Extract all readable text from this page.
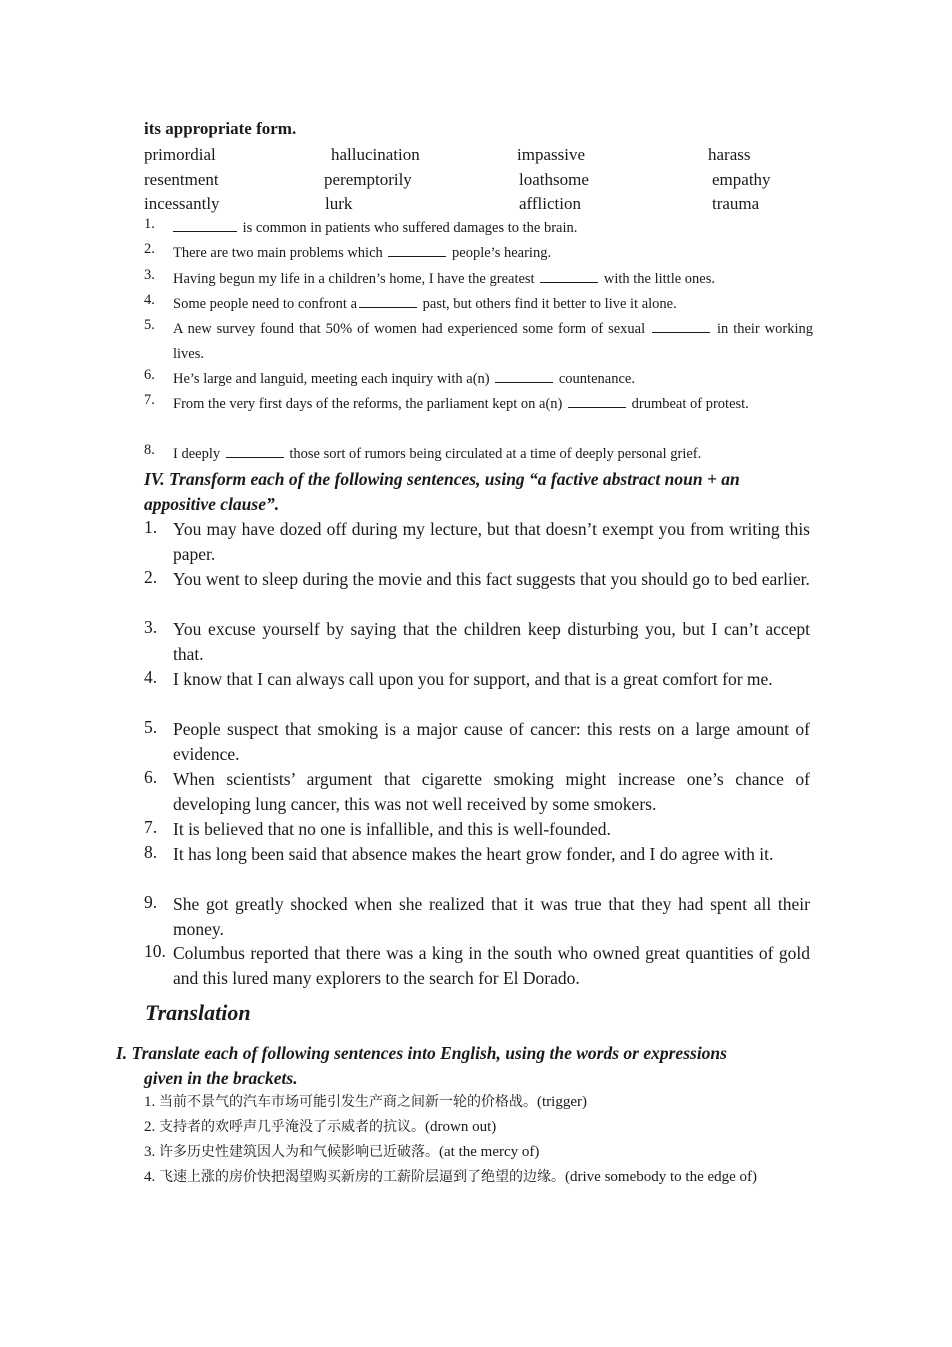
its appropriate form.
primordial	hallucination	impassive	harass
resentment	peremptorily	loathsome	empathy
incessantly	lurk	affliction	trauma
1.	is common in patients who suffered damages to the brain.
2. There are two main problems which	people’s hearing.
3. Having begun my life in a children’s home, I have the greatest	with the little ones.
4. Some people need to confront a	past, but others find it better to live it alone.
5. A new survey found that 50% of women had experienced some form of sexual	in their working lives.
6. He’s large and languid, meeting each inquiry with a(n)	countenance.
7. From the very first days of the reforms, the parliament kept on a(n)	drumbeat of protest.
8. I deeply	those sort of rumors being circulated at a time of deeply personal grief.
IV. Transform each of the following sentences, using “a factive abstract noun + an
appositive clause”.
1. You may have dozed off during my lecture, but that doesn’t exempt you from writing this paper.
2. You went to sleep during the movie and this fact suggests that you should go to bed earlier.
3. You excuse yourself by saying that the children keep disturbing you, but I can’t accept that.
4. I know that I can always call upon you for support, and that is a great comfort for me.
5. People suspect that smoking is a major cause of cancer: this rests on a large amount of evidence.
6. When scientists’ argument that cigarette smoking might increase one’s chance of developing lung cancer, this was not well received by some smokers.
7. It is believed that no one is infallible, and this is well-founded.
8. It has long been said that absence makes the heart grow fonder, and I do agree with it.
9. She got greatly shocked when she realized that it was true that they had spent all their money.
10. Columbus reported that there was a king in the south who owned great quantities of gold and this lured many explorers to the search for El Dorado.
Translation
I. Translate each of following sentences into English, using the words or expressions
given in the brackets.
1. 当前不景气的汽车市场可能引发生产商之间新一轮的价格战。(trigger)
2. 支持者的欢呼声几乎淹没了示威者的抗议。(drown out)
3. 许多历史性建筑因人为和气候影响已近破落。(at the mercy of)
4. 飞速上涨的房价快把渴望购买新房的工薪阶层逼到了绝望的边缘。(drive somebody to the edge of)
